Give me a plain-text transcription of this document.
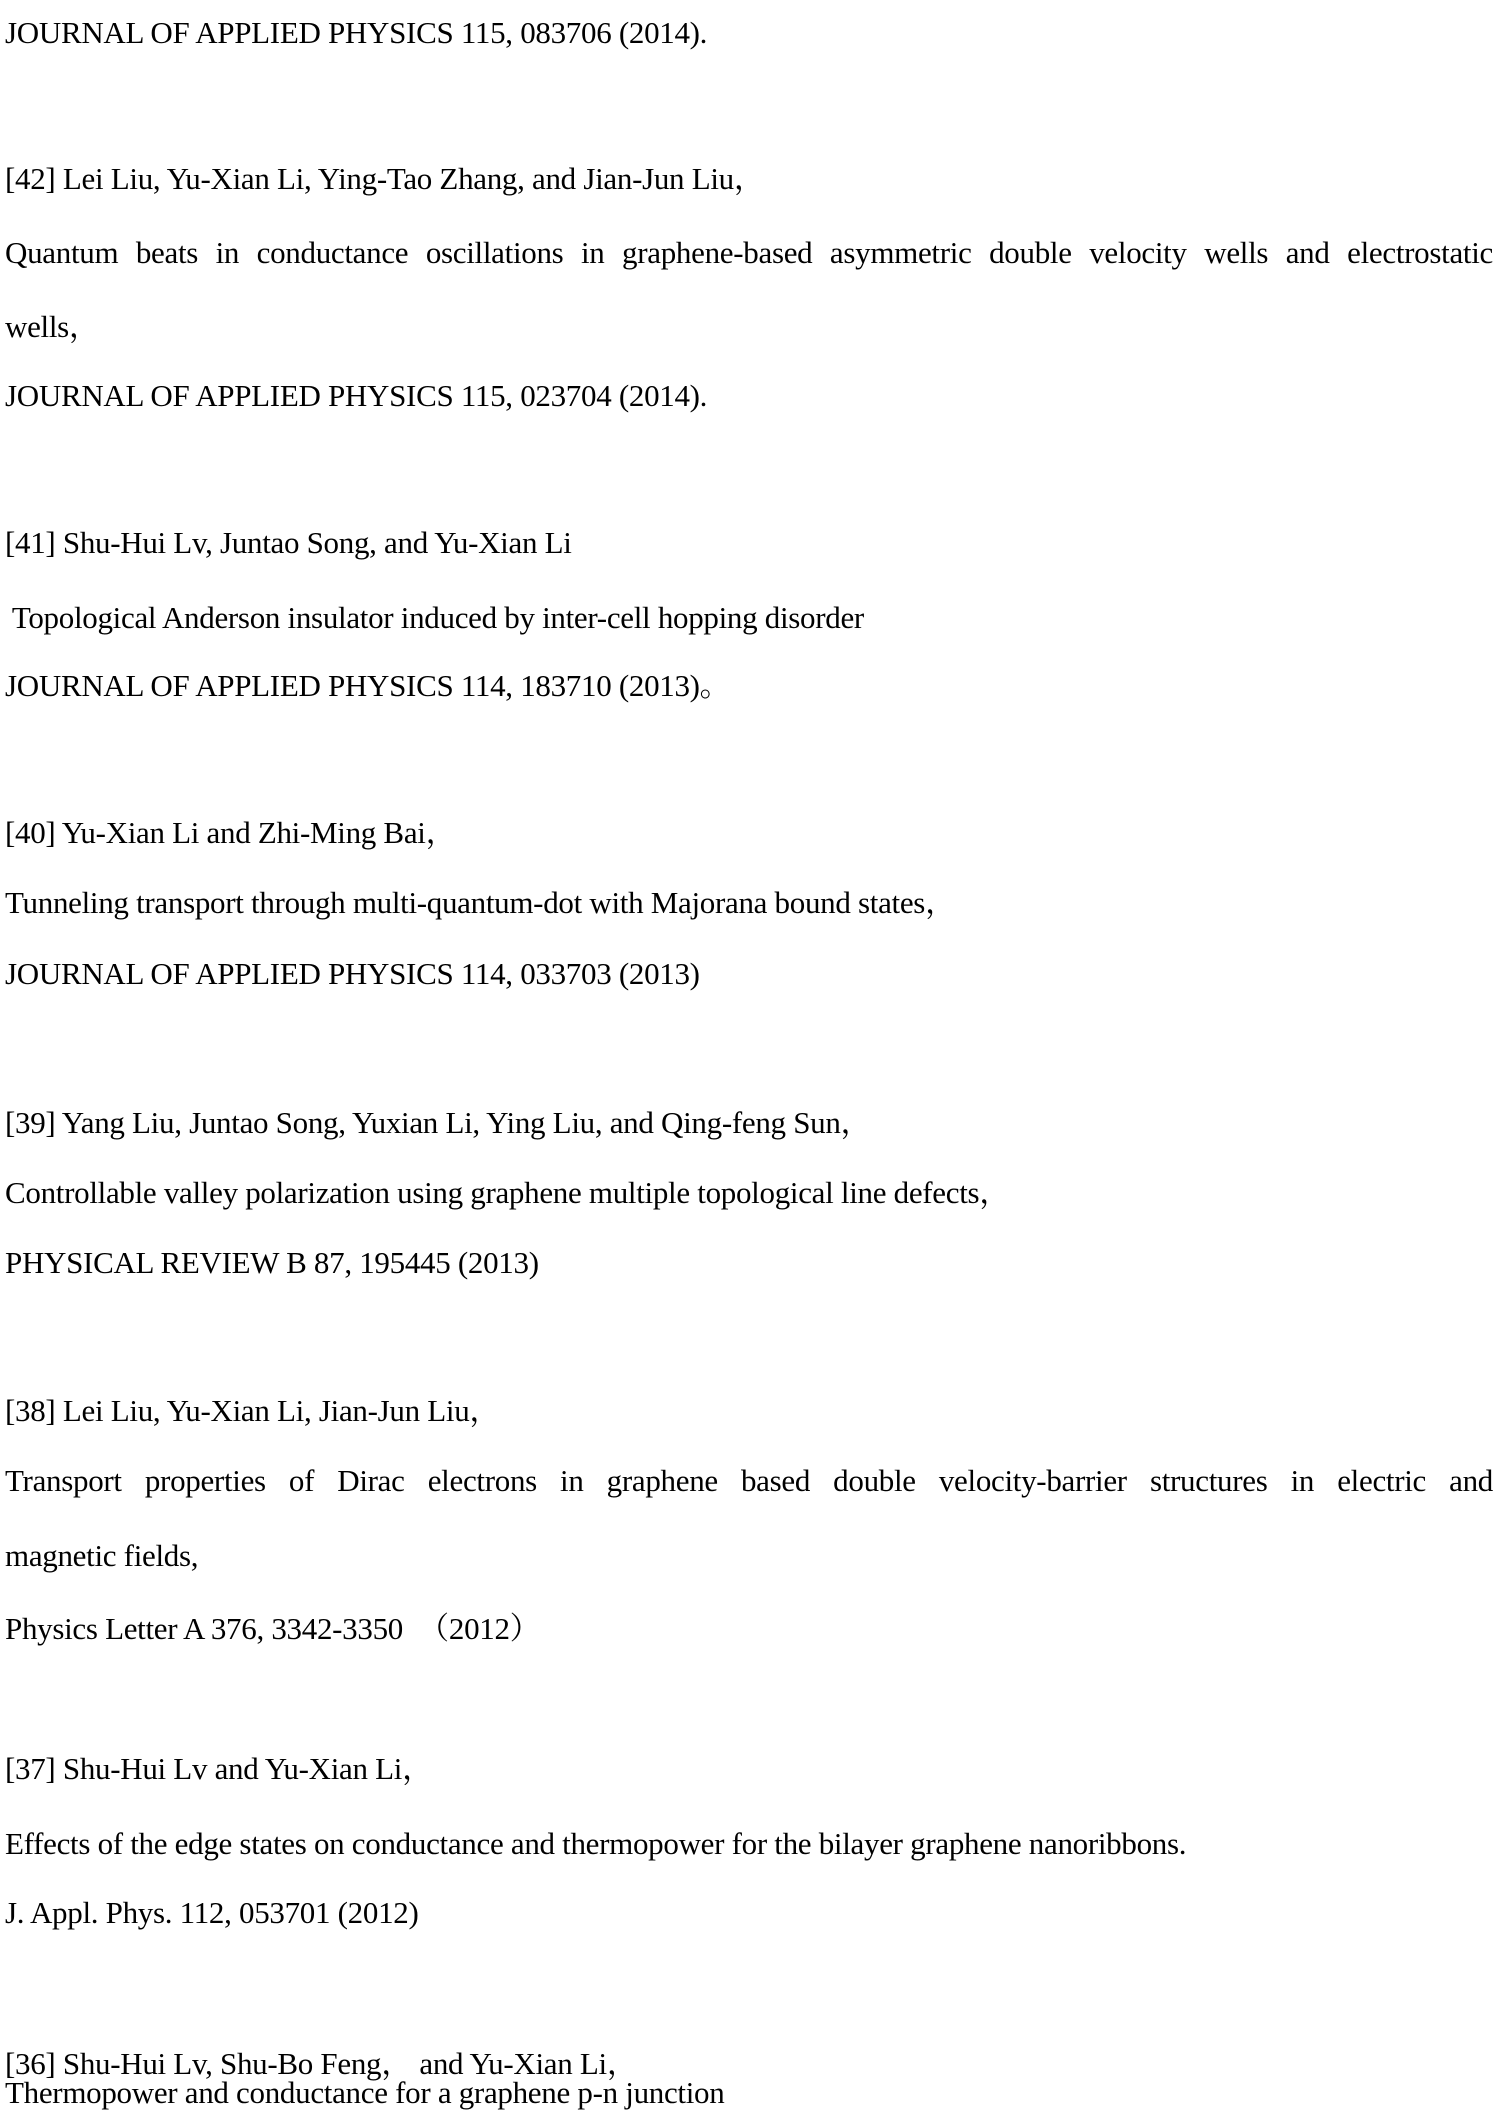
JOURNAL OF APPLIED PHYSICS 115, 083706 (2014).
[42] Lei Liu, Yu-Xian Li, Ying-Tao Zhang, and Jian-Jun Liu，
Quantum beats in conductance oscillations in graphene-based asymmetric double velocity wells and electrostatic
wells，
JOURNAL OF APPLIED PHYSICS 115, 023704 (2014).
[41] Shu-Hui Lv, Juntao Song, and Yu-Xian Li
Topological Anderson insulator induced by inter-cell hopping disorder
JOURNAL OF APPLIED PHYSICS 114, 183710 (2013)。
[40] Yu-Xian Li and Zhi-Ming Bai，
Tunneling transport through multi-quantum-dot with Majorana bound states，
JOURNAL OF APPLIED PHYSICS 114, 033703 (2013)
[39] Yang Liu, Juntao Song, Yuxian Li, Ying Liu, and Qing-feng Sun，
Controllable valley polarization using graphene multiple topological line defects，
PHYSICAL REVIEW B 87, 195445 (2013)
[38] Lei Liu, Yu-Xian Li, Jian-Jun Liu，
Transport properties of Dirac electrons in graphene based double velocity-barrier structures in electric and
magnetic fields,
Physics Letter A 376, 3342-3350　（2012）
[37] Shu-Hui Lv and Yu-Xian Li，
Effects of the edge states on conductance and thermopower for the bilayer graphene nanoribbons.
J. Appl. Phys. 112, 053701 (2012)
[36] Shu-Hui Lv, Shu-Bo Feng， and Yu-Xian Li，
Thermopower and conductance for a graphene p-n junction
